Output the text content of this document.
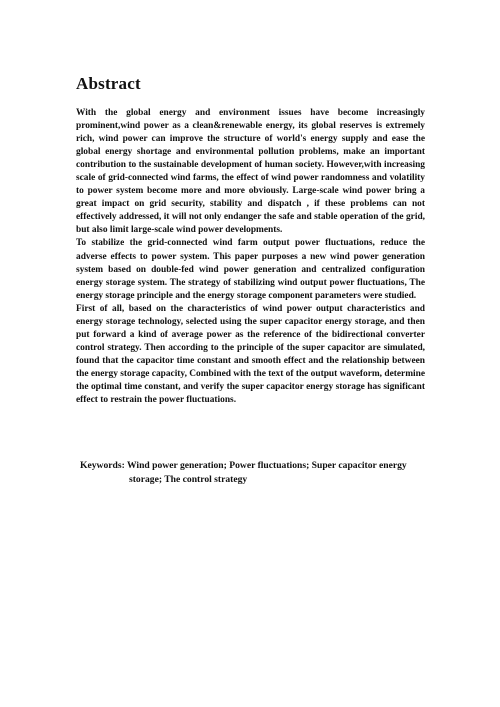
Abstract

With the global energy and environment issues have become increasingly prominent,wind power as a clean&renewable energy, its global reserves is extremely rich, wind power can improve the structure of world's energy supply and ease the global energy shortage and environmental pollution problems, make an important contribution to the sustainable development of human society. However,with increasing scale of grid-connected wind farms, the effect of wind power randomness and volatility to power system become more and more obviously. Large-scale wind power bring a great impact on grid security, stability and dispatch , if these problems can not effectively addressed, it will not only endanger the safe and stable operation of the grid, but also limit large-scale wind power developments.

To stabilize the grid-connected wind farm output power fluctuations, reduce the adverse effects to power system. This paper purposes a new wind power generation system based on double-fed wind power generation and centralized configuration energy storage system. The strategy of stabilizing wind output power fluctuations, The energy storage principle and the energy storage component parameters were studied.

First of all, based on the characteristics of wind power output characteristics and energy storage technology, selected using the super capacitor energy storage, and then put forward a kind of average power as the reference of the bidirectional converter control strategy. Then according to the principle of the super capacitor are simulated, found that the capacitor time constant and smooth effect and the relationship between the energy storage capacity, Combined with the text of the output waveform, determine the optimal time constant, and verify the super capacitor energy storage has significant effect to restrain the power fluctuations.

Keywords: Wind power generation; Power fluctuations; Super capacitor energy
storage; The control strategy
